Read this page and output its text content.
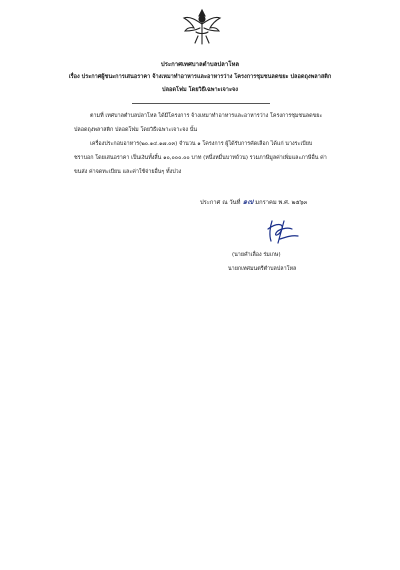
ประกาศเทศบาลตำบลปลาโหล
เรื่อง ประกาศผู้ชนะการเสนอราคา จ้างเหมาทำอาหารและอาหารว่าง โครงการชุมชนลดขยะ ปลอดถุงพลาสติก
ปลอดโฟม โดยวิธีเฉพาะเจาะจง
ตามที่ เทศบาลตำบลปลาโหล ได้มีโครงการ จ้างเหมาทำอาหารและอาหารว่าง โครงการชุมชนลดขยะ
ปลอดถุงพลาสติก ปลอดโฟม โดยวิธีเฉพาะเจาะจง นั้น
เครื่องประกอบอาหาร(๒๐.๑๔.๑๗.๐๓) จำนวน ๑ โครงการ ผู้ได้รับการคัดเลือก ได้แก่ นางระเบียบ
ชราบอก โดยเสนอราคา เป็นเงินทั้งสิ้น ๑๐,๐๐๐.๐๐ บาท (หนึ่งหมื่นบาทถ้วน) รวมภาษีมูลค่าเพิ่มและภาษีอื่น ค่า
ขนส่ง ค่าจดทะเบียน และค่าใช้จ่ายอื่นๆ ทั้งปวง
ประกาศ ณ วันที่ ๑๗ มกราคม พ.ศ. ๒๕๖๓
(นายคำเลื่อง ร่มเกษ)
นายกเทศมนตรีตำบลปลาโหล
